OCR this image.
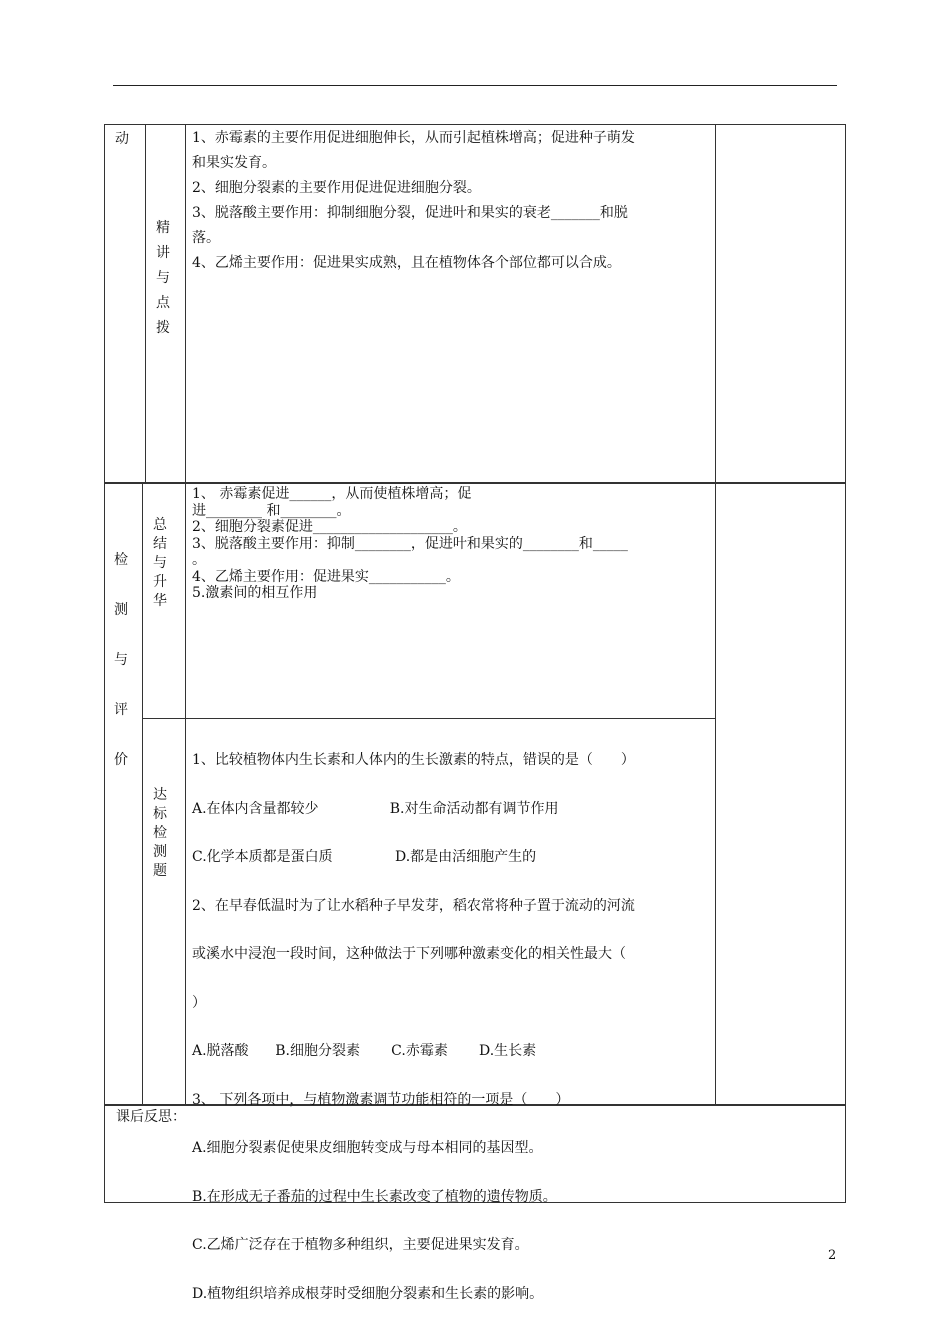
动
精
讲
与
点
拨

1、赤霉素的主要作用促进细胞伸长，从而引起植株增高；促进种子萌发

和果实发育。

2、细胞分裂素的主要作用促进促进细胞分裂。

3、脱落酸主要作用：抑制细胞分裂，促进叶和果实的衰老_______和脱

落。

4、乙烯主要作用：促进果实成熟，且在植物体各个部位都可以合成。

检
测
与
评
价
总
结
与
升
华

1、 赤霉素促进______，从而使植株增高；促

进________ 和________。

2、细胞分裂素促进____________________。

3、脱落酸主要作用：抑制________，促进叶和果实的________和_____

。

4、乙烯主要作用：促进果实___________。

5.激素间的相互作用

达
标
检
测
题

1、比较植物体内生长素和人体内的生长激素的特点，错误的是（　　）

A.在体内含量都较少                B.对生命活动都有调节作用

C.化学本质都是蛋白质              D.都是由活细胞产生的

2、在早春低温时为了让水稻种子早发芽，稻农常将种子置于流动的河流

或溪水中浸泡一段时间，这种做法于下列哪种激素变化的相关性最大（

）

A.脱落酸      B.细胞分裂素       C.赤霉素       D.生长素

3、 下列各项中，与植物激素调节功能相符的一项是（　　）

A.细胞分裂素促使果皮细胞转变成与母本相同的基因型。

B.在形成无子番茄的过程中生长素改变了植物的遗传物质。

C.乙烯广泛存在于植物多种组织，主要促进果实发育。

D.植物组织培养成根芽时受细胞分裂素和生长素的影响。

课后反思：
2
